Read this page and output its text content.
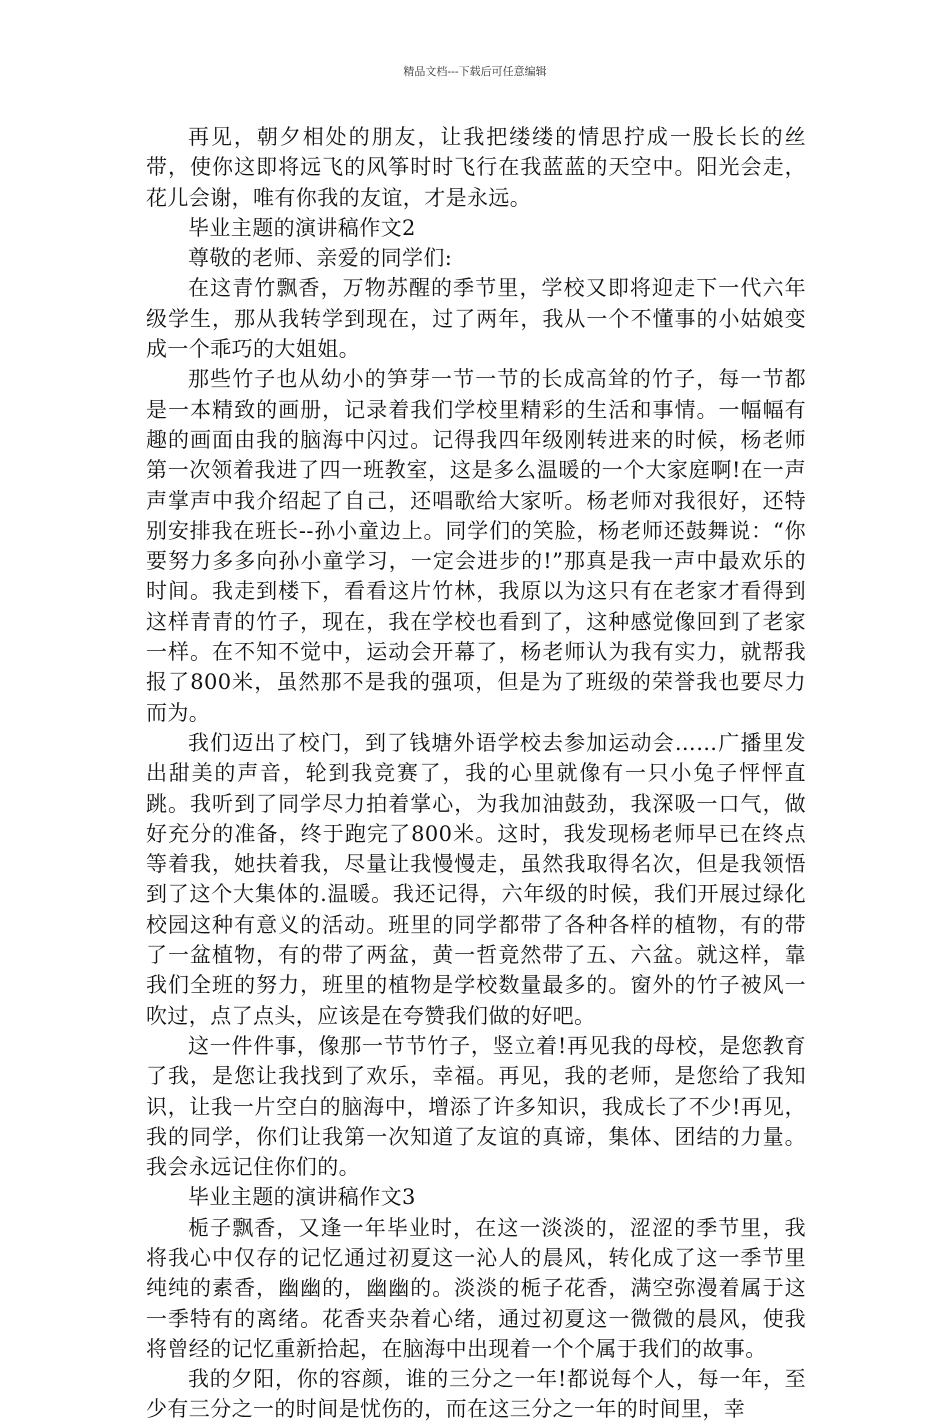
精品文档---下载后可任意编辑

再见，朝夕相处的朋友，让我把缕缕的情思拧成一股长长的丝带，使你这即将远飞的风筝时时飞行在我蓝蓝的天空中。阳光会走，花儿会谢，唯有你我的友谊，才是永远。

毕业主题的演讲稿作文2

尊敬的老师、亲爱的同学们:

在这青竹飘香，万物苏醒的季节里，学校又即将迎走下一代六年级学生，那从我转学到现在，过了两年，我从一个不懂事的小姑娘变成一个乖巧的大姐姐。

那些竹子也从幼小的笋芽一节一节的长成高耸的竹子，每一节都是一本精致的画册，记录着我们学校里精彩的生活和事情。一幅幅有趣的画面由我的脑海中闪过。记得我四年级刚转进来的时候，杨老师第一次领着我进了四一班教室，这是多么温暖的一个大家庭啊!在一声声掌声中我介绍起了自己，还唱歌给大家听。杨老师对我很好，还特别安排我在班长--孙小童边上。同学们的笑脸，杨老师还鼓舞说：“你要努力多多向孙小童学习，一定会进步的!”那真是我一声中最欢乐的时间。我走到楼下，看看这片竹林，我原以为这只有在老家才看得到这样青青的竹子，现在，我在学校也看到了，这种感觉像回到了老家一样。在不知不觉中，运动会开幕了，杨老师认为我有实力，就帮我报了800米，虽然那不是我的强项，但是为了班级的荣誉我也要尽力而为。

我们迈出了校门，到了钱塘外语学校去参加运动会……广播里发出甜美的声音，轮到我竞赛了，我的心里就像有一只小兔子怦怦直跳。我听到了同学尽力拍着掌心，为我加油鼓劲，我深吸一口气，做好充分的准备，终于跑完了800米。这时，我发现杨老师早已在终点等着我，她扶着我，尽量让我慢慢走，虽然我取得名次，但是我领悟到了这个大集体的.温暖。我还记得，六年级的时候，我们开展过绿化校园这种有意义的活动。班里的同学都带了各种各样的植物，有的带了一盆植物，有的带了两盆，黄一哲竟然带了五、六盆。就这样，靠我们全班的努力，班里的植物是学校数量最多的。窗外的竹子被风一吹过，点了点头，应该是在夸赞我们做的好吧。

这一件件事，像那一节节竹子，竖立着!再见我的母校，是您教育了我，是您让我找到了欢乐，幸福。再见，我的老师，是您给了我知识，让我一片空白的脑海中，增添了许多知识，我成长了不少!再见，我的同学，你们让我第一次知道了友谊的真谛，集体、团结的力量。我会永远记住你们的。

毕业主题的演讲稿作文3

栀子飘香，又逢一年毕业时，在这一淡淡的，涩涩的季节里，我将我心中仅存的记忆通过初夏这一沁人的晨风，转化成了这一季节里纯纯的素香，幽幽的，幽幽的。淡淡的栀子花香，满空弥漫着属于这一季特有的离绪。花香夹杂着心绪，通过初夏这一微微的晨风，使我将曾经的记忆重新拾起，在脑海中出现着一个个属于我们的故事。

我的夕阳，你的容颜，谁的三分之一年!都说每个人，每一年，至少有三分之一的时间是忧伤的，而在这三分之一年的时间里，幸
